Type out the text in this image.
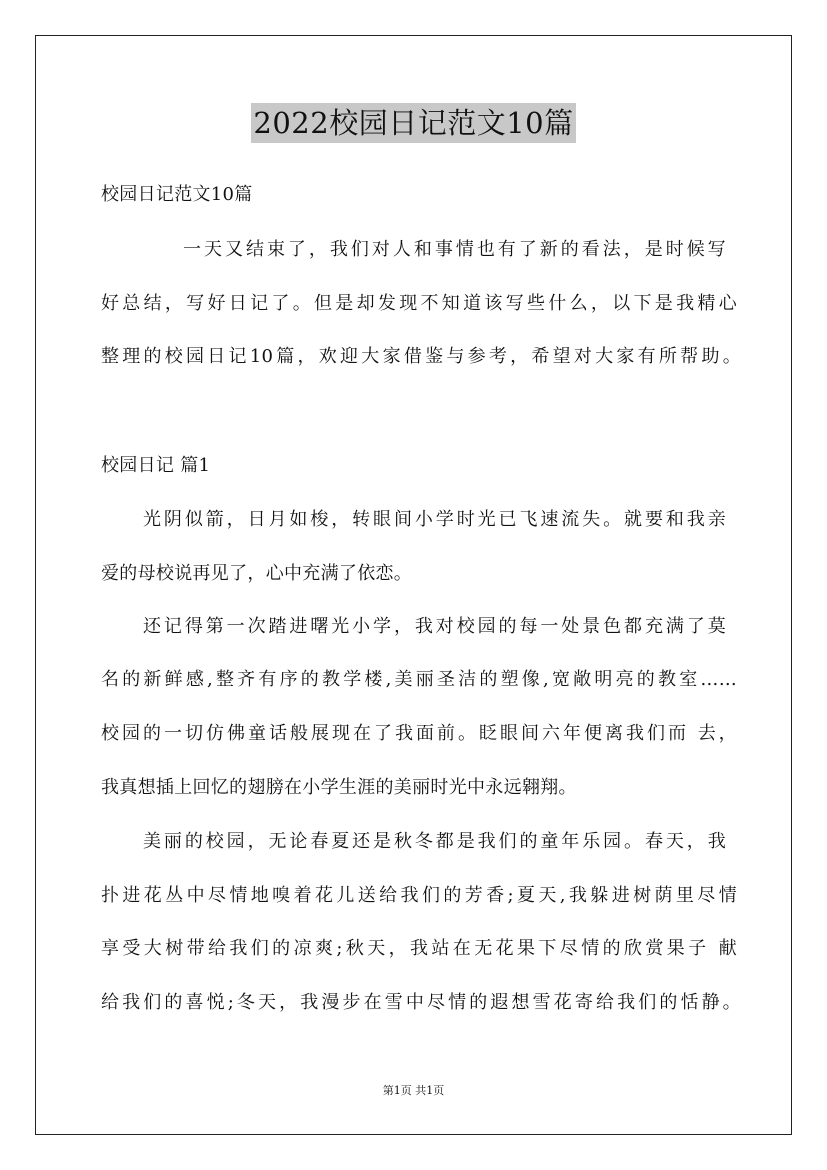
2022校园日记范文10篇
校园日记范文10篇
一天又结束了，我们对人和事情也有了新的看法，是时候写
好总结，写好日记了。但是却发现不知道该写些什么，以下是我精心
整理的校园日记10篇，欢迎大家借鉴与参考，希望对大家有所帮助。
校园日记 篇1
光阴似箭，日月如梭，转眼间小学时光已飞速流失。就要和我亲
爱的母校说再见了，心中充满了依恋。
还记得第一次踏进曙光小学，我对校园的每一处景色都充满了莫
名的新鲜感,整齐有序的教学楼,美丽圣洁的塑像,宽敞明亮的教室……
校园的一切仿佛童话般展现在了我面前。眨眼间六年便离我们而 去，
我真想插上回忆的翅膀在小学生涯的美丽时光中永远翱翔。
美丽的校园，无论春夏还是秋冬都是我们的童年乐园。春天，我
扑进花丛中尽情地嗅着花儿送给我们的芳香;夏天,我躲进树荫里尽情
享受大树带给我们的凉爽;秋天，我站在无花果下尽情的欣赏果子 献
给我们的喜悦;冬天，我漫步在雪中尽情的遐想雪花寄给我们的恬静。
第1页 共1页
